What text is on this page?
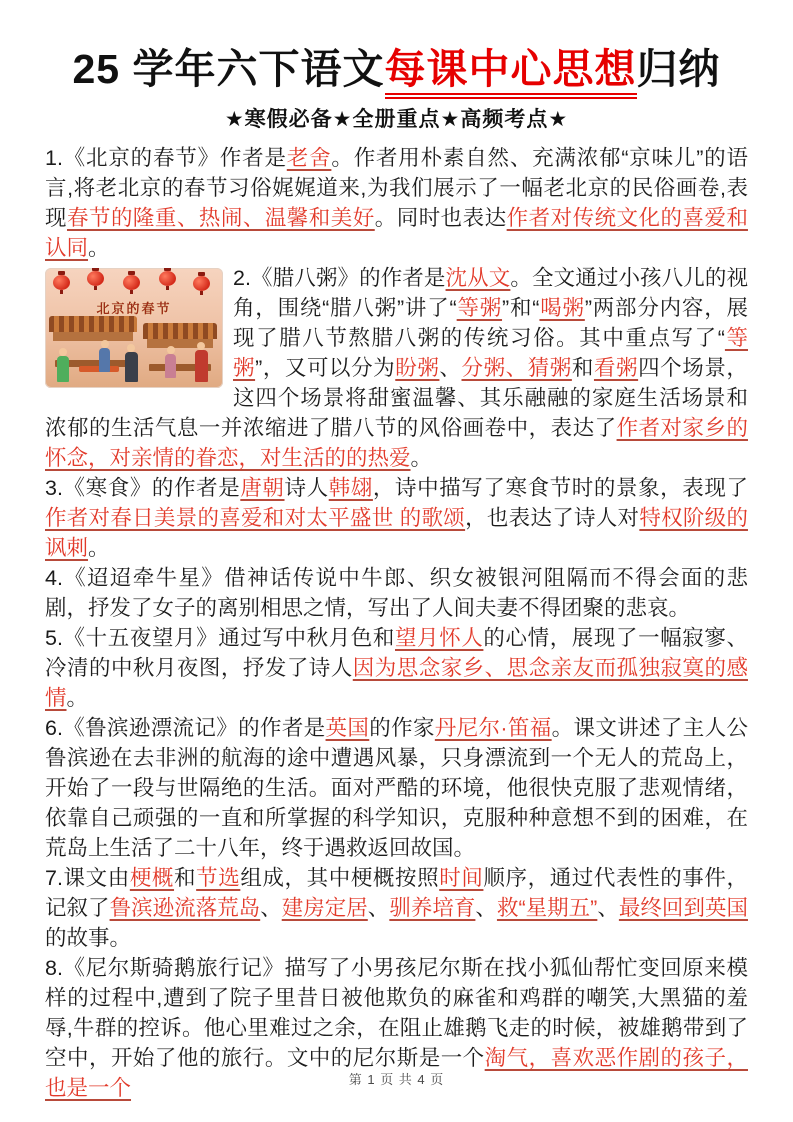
25 学年六下语文每课中心思想归纳
★寒假必备★全册重点★高频考点★

1.《北京的春节》作者是老舍。作者用朴素自然、充满浓郁“京味儿”的语言,将老北京的春节习俗娓娓道来,为我们展示了一幅老北京的民俗画卷,表现春节的隆重、热闹、温馨和美好。同时也表达作者对传统文化的喜爱和认同。

北京的春节
2.《腊八粥》的作者是沈从文。全文通过小孩八儿的视角，围绕“腊八粥”讲了“等粥”和“喝粥”两部分内容，展现了腊八节熬腊八粥的传统习俗。其中重点写了“等粥”，又可以分为盼粥、分粥、猜粥和看粥四个场景，这四个场景将甜蜜温馨、其乐融融的家庭生活场景和浓郁的生活气息一并浓缩进了腊八节的风俗画卷中，表达了作者对家乡的怀念，对亲情的眷恋，对生活的的热爱。

3.《寒食》的作者是唐朝诗人韩翃，诗中描写了寒食节时的景象，表现了作者对春日美景的喜爱和对太平盛世 的歌颂，也表达了诗人对特权阶级的讽刺。

4.《迢迢牵牛星》借神话传说中牛郎、织女被银河阻隔而不得会面的悲剧，抒发了女子的离别相思之情，写出了人间夫妻不得团聚的悲哀。

5.《十五夜望月》通过写中秋月色和望月怀人的心情，展现了一幅寂寥、冷清的中秋月夜图，抒发了诗人因为思念家乡、思念亲友而孤独寂寞的感情。

6.《鲁滨逊漂流记》的作者是英国的作家丹尼尔·笛福。课文讲述了主人公鲁滨逊在去非洲的航海的途中遭遇风暴，只身漂流到一个无人的荒岛上，开始了一段与世隔绝的生活。面对严酷的环境，他很快克服了悲观情绪，依靠自己顽强的一直和所掌握的科学知识，克服种种意想不到的困难，在荒岛上生活了二十八年，终于遇救返回故国。

7.课文由梗概和节选组成，其中梗概按照时间顺序，通过代表性的事件，记叙了鲁滨逊流落荒岛、建房定居、驯养培育、救“星期五”、最终回到英国的故事。

8.《尼尔斯骑鹅旅行记》描写了小男孩尼尔斯在找小狐仙帮忙变回原来模样的过程中,遭到了院子里昔日被他欺负的麻雀和鸡群的嘲笑,大黑猫的羞辱,牛群的控诉。他心里难过之余，在阻止雄鹅飞走的时候，被雄鹅带到了空中，开始了他的旅行。文中的尼尔斯是一个淘气，喜欢恶作剧的孩子，也是一个	第 1 页 共 4 页
